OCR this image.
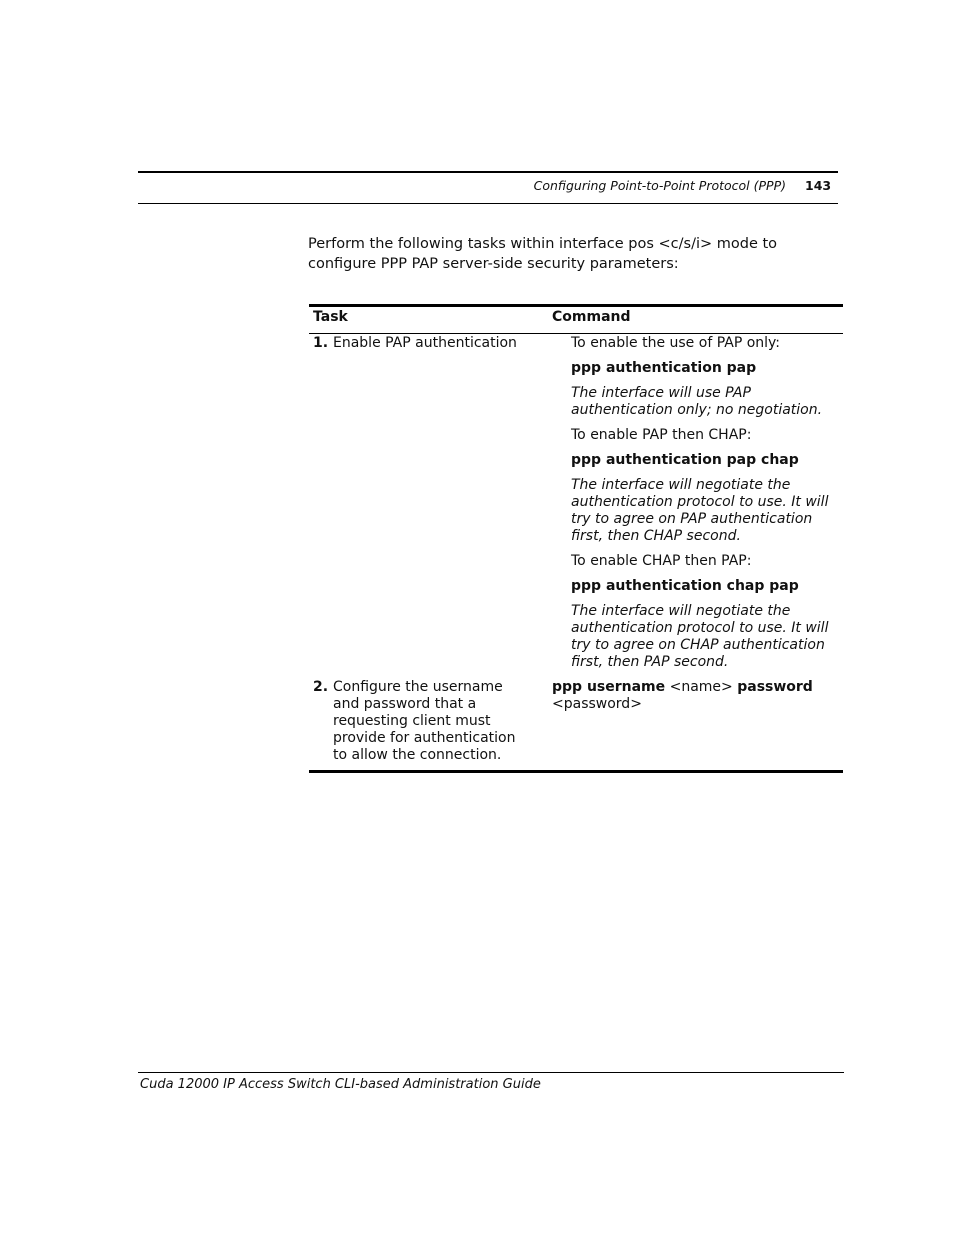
Configuring Point-to-Point Protocol (PPP) 143

Perform the following tasks within interface pos <c/s/i> mode to configure PPP PAP server-side security parameters:

Task	Command
1. Enable PAP authentication	To enable the use of PAP only:
ppp authentication pap
The interface will use PAP authentication only; no negotiation.
To enable PAP then CHAP:
ppp authentication pap chap
The interface will negotiate the authentication protocol to use. It will try to agree on PAP authentication first, then CHAP second.
To enable CHAP then PAP:
ppp authentication chap pap
The interface will negotiate the authentication protocol to use. It will try to agree on CHAP authentication first, then PAP second.
2. Configure the username and password that a requesting client must provide for authentication to allow the connection.
ppp username <name> password
<password>
Cuda 12000 IP Access Switch CLI-based Administration Guide
